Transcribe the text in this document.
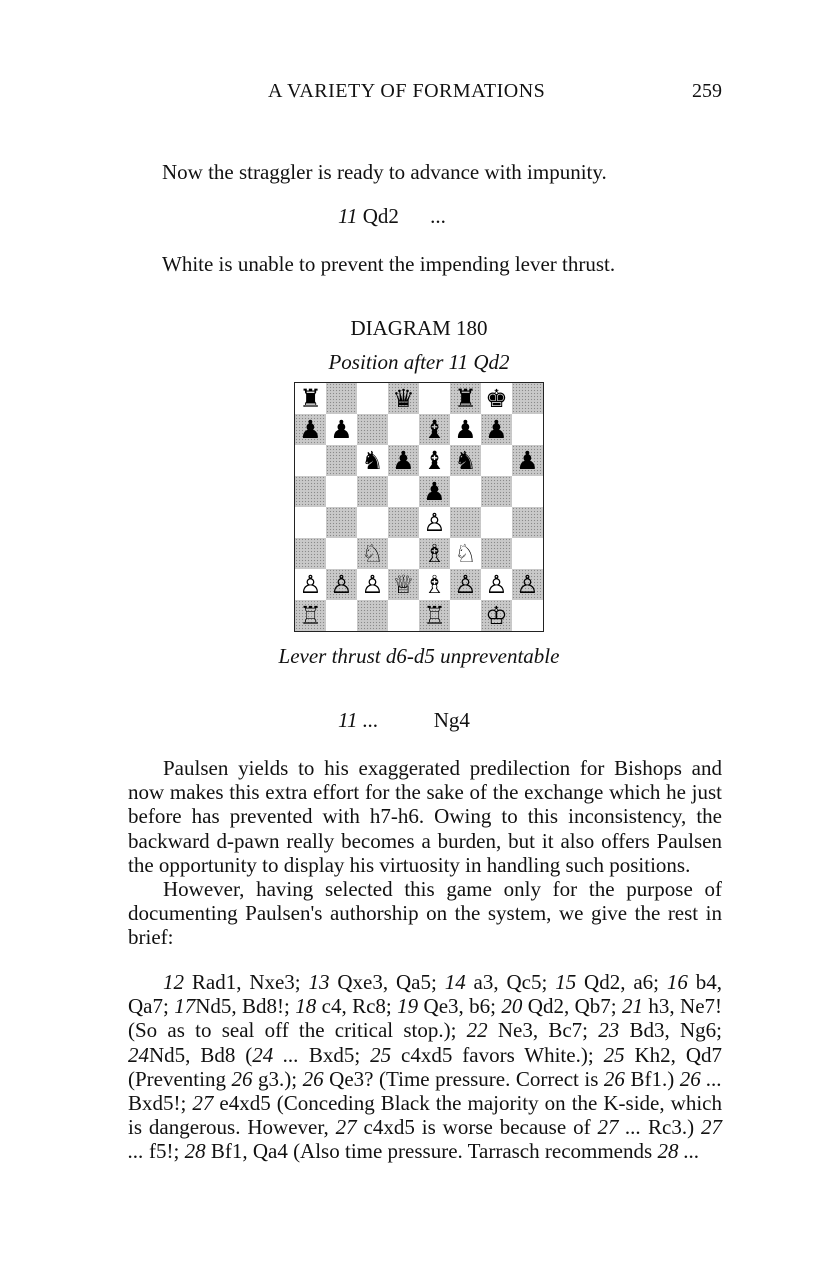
A VARIETY OF FORMATIONS	259
Now the straggler is ready to advance with impunity.
11 Qd2 ...
White is unable to prevent the impending lever thrust.
DIAGRAM 180
Position after 11 Qd2
♜	♛ ♜ ♚
♟ ♟	♝ ♟ ♟
♞ ♟ ♝ ♞ ♟
♟
♙
♘ ♗ ♘
♙ ♙ ♙ ♕ ♗ ♙ ♙ ♙
♖	♖ ♔
Lever thrust d6-d5 unpreventable
11 ...	Ng4
Paulsen yields to his exaggerated predilection for Bishops and now makes this extra effort for the sake of the exchange which he just before has prevented with h7-h6. Owing to this inconsistency, the backward d-pawn really becomes a burden, but it also offers Paulsen the opportunity to display his virtuosity in handling such positions.
However, having selected this game only for the purpose of documenting Paulsen's authorship on the system, we give the rest in brief:
12 Rad1, Nxe3; 13 Qxe3, Qa5; 14 a3, Qc5; 15 Qd2, a6; 16 b4, Qa7; 17Nd5, Bd8!; 18 c4, Rc8; 19 Qe3, b6; 20 Qd2, Qb7; 21 h3, Ne7! (So as to seal off the critical stop.); 22 Ne3, Bc7; 23 Bd3, Ng6; 24Nd5, Bd8 (24 ... Bxd5; 25 c4xd5 favors White.); 25 Kh2, Qd7 (Preventing 26 g3.); 26 Qe3? (Time pressure. Correct is 26 Bf1.) 26 ... Bxd5!; 27 e4xd5 (Conceding Black the majority on the K-side, which is dangerous. However, 27 c4xd5 is worse because of 27 ... Rc3.) 27 ... f5!; 28 Bf1, Qa4 (Also time pressure. Tarrasch recommends 28 ...
